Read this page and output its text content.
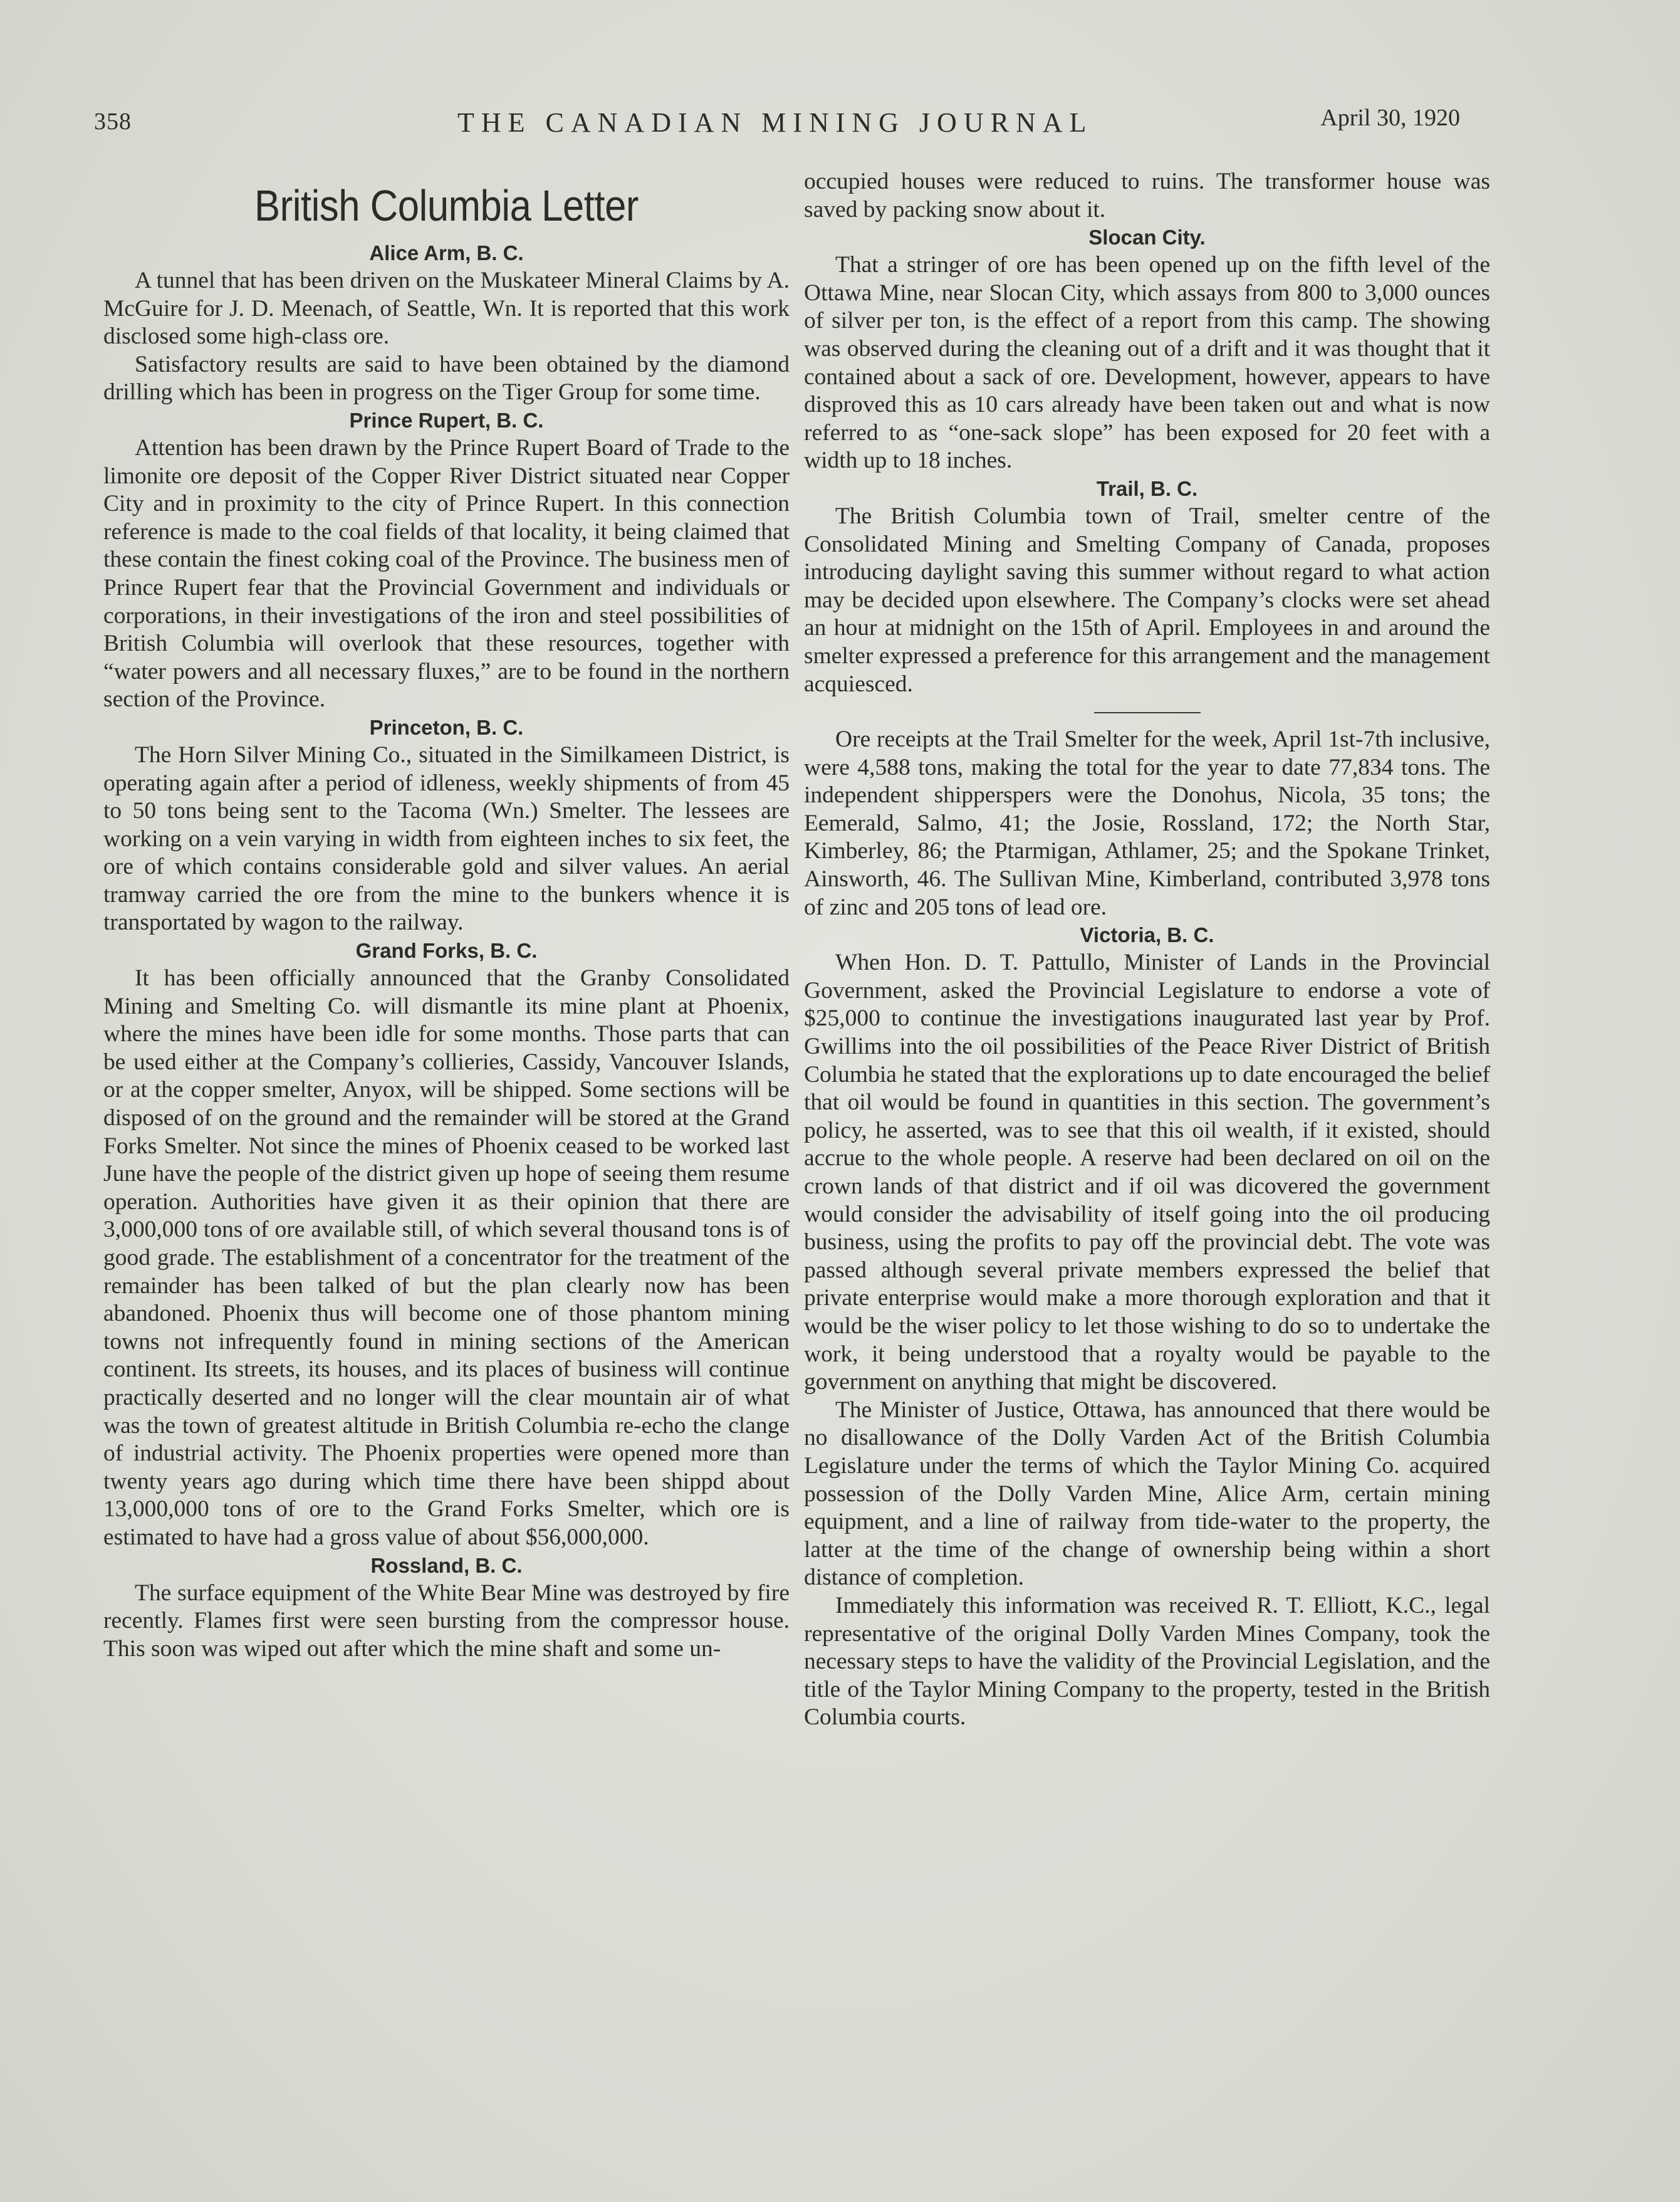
358	THE CANADIAN MINING JOURNAL	April 30, 1920
British Columbia Letter
Alice Arm, B. C.

A tunnel that has been driven on the Muskateer Mineral Claims by A. McGuire for J. D. Meenach, of Seattle, Wn. It is reported that this work disclosed some high-class ore.

Satisfactory results are said to have been obtained by the diamond drilling which has been in progress on the Tiger Group for some time.

Prince Rupert, B. C.

Attention has been drawn by the Prince Rupert Board of Trade to the limonite ore deposit of the Copper River District situated near Copper City and in proximity to the city of Prince Rupert. In this connection reference is made to the coal fields of that locality, it being claimed that these contain the finest coking coal of the Province. The business men of Prince Rupert fear that the Provincial Government and individuals or corporations, in their investigations of the iron and steel possibilities of British Columbia will overlook that these resources, together with “water powers and all necessary fluxes,” are to be found in the northern section of the Province.

Princeton, B. C.

The Horn Silver Mining Co., situated in the Similkameen District, is operating again after a period of idleness, weekly shipments of from 45 to 50 tons being sent to the Tacoma (Wn.) Smelter. The lessees are working on a vein varying in width from eighteen inches to six feet, the ore of which contains considerable gold and silver values. An aerial tramway carried the ore from the mine to the bunkers whence it is transportated by wagon to the railway.

Grand Forks, B. C.

It has been officially announced that the Granby Consolidated Mining and Smelting Co. will dismantle its mine plant at Phoenix, where the mines have been idle for some months. Those parts that can be used either at the Company’s collieries, Cassidy, Vancouver Islands, or at the copper smelter, Anyox, will be shipped. Some sections will be disposed of on the ground and the remainder will be stored at the Grand Forks Smelter. Not since the mines of Phoenix ceased to be worked last June have the people of the district given up hope of seeing them resume operation. Authorities have given it as their opinion that there are 3,000,000 tons of ore available still, of which several thousand tons is of good grade. The establishment of a concentrator for the treatment of the remainder has been talked of but the plan clearly now has been abandoned. Phoenix thus will become one of those phantom mining towns not infrequently found in mining sections of the American continent. Its streets, its houses, and its places of business will continue practically deserted and no longer will the clear mountain air of what was the town of greatest altitude in British Columbia re-echo the clange of industrial activity. The Phoenix properties were opened more than twenty years ago during which time there have been shippd about 13,000,000 tons of ore to the Grand Forks Smelter, which ore is estimated to have had a gross value of about $56,000,000.

Rossland, B. C.

The surface equipment of the White Bear Mine was destroyed by fire recently. Flames first were seen bursting from the compressor house. This soon was wiped out after which the mine shaft and some un-

occupied houses were reduced to ruins. The transformer house was saved by packing snow about it.

Slocan City.

That a stringer of ore has been opened up on the fifth level of the Ottawa Mine, near Slocan City, which assays from 800 to 3,000 ounces of silver per ton, is the effect of a report from this camp. The showing was observed during the cleaning out of a drift and it was thought that it contained about a sack of ore. Development, however, appears to have disproved this as 10 cars already have been taken out and what is now referred to as “one-sack slope” has been exposed for 20 feet with a width up to 18 inches.

Trail, B. C.

The British Columbia town of Trail, smelter centre of the Consolidated Mining and Smelting Company of Canada, proposes introducing daylight saving this summer without regard to what action may be decided upon elsewhere. The Company’s clocks were set ahead an hour at midnight on the 15th of April. Employees in and around the smelter expressed a preference for this arrangement and the management acquiesced.

Ore receipts at the Trail Smelter for the week, April 1st-7th inclusive, were 4,588 tons, making the total for the year to date 77,834 tons. The independent shipperspers were the Donohus, Nicola, 35 tons; the Eemerald, Salmo, 41; the Josie, Rossland, 172; the North Star, Kimberley, 86; the Ptarmigan, Athlamer, 25; and the Spokane Trinket, Ainsworth, 46. The Sullivan Mine, Kimberland, contributed 3,978 tons of zinc and 205 tons of lead ore.

Victoria, B. C.

When Hon. D. T. Pattullo, Minister of Lands in the Provincial Government, asked the Provincial Legislature to endorse a vote of $25,000 to continue the investigations inaugurated last year by Prof. Gwillims into the oil possibilities of the Peace River District of British Columbia he stated that the explorations up to date encouraged the belief that oil would be found in quantities in this section. The government’s policy, he asserted, was to see that this oil wealth, if it existed, should accrue to the whole people. A reserve had been declared on oil on the crown lands of that district and if oil was dicovered the government would consider the advisability of itself going into the oil producing business, using the profits to pay off the provincial debt. The vote was passed although several private members expressed the belief that private enterprise would make a more thorough exploration and that it would be the wiser policy to let those wishing to do so to undertake the work, it being understood that a royalty would be payable to the government on anything that might be discovered.

The Minister of Justice, Ottawa, has announced that there would be no disallowance of the Dolly Varden Act of the British Columbia Legislature under the terms of which the Taylor Mining Co. acquired possession of the Dolly Varden Mine, Alice Arm, certain mining equipment, and a line of railway from tide-water to the property, the latter at the time of the change of ownership being within a short distance of completion.

Immediately this information was received R. T. Elliott, K.C., legal representative of the original Dolly Varden Mines Company, took the necessary steps to have the validity of the Provincial Legislation, and the title of the Taylor Mining Company to the property, tested in the British Columbia courts.
